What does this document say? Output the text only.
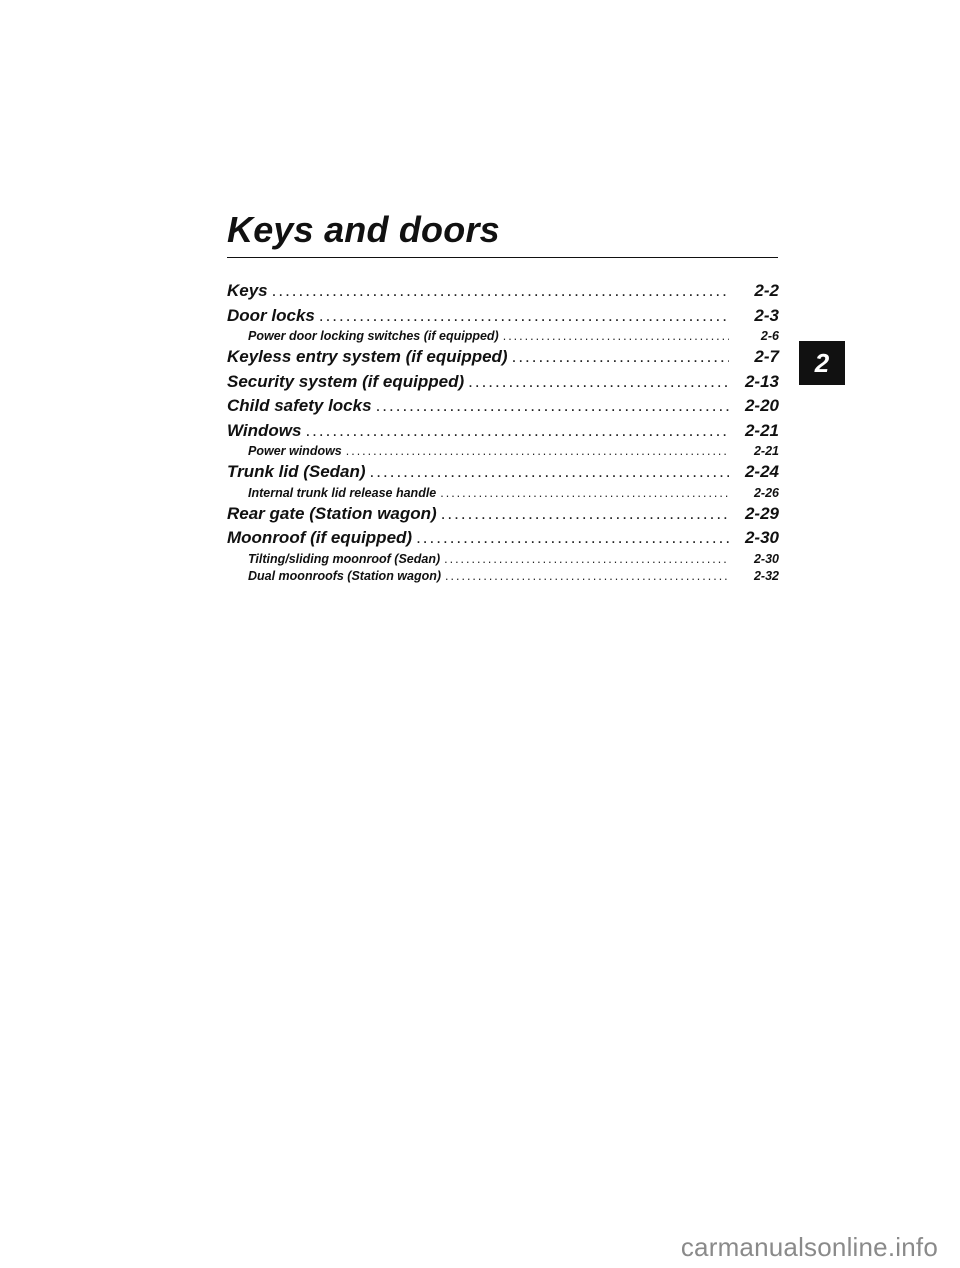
Keys and doors
Keys .....	2-2
Door locks .....	2-3
Power door locking switches (if equipped) .....	2-6
Keyless entry system (if equipped) .....	2-7
Security system (if equipped) .....	2-13
Child safety locks .....	2-20
Windows .....	2-21
Power windows .....	2-21
Trunk lid (Sedan) .....	2-24
Internal trunk lid release handle .....	2-26
Rear gate (Station wagon) .....	2-29
Moonroof (if equipped) .....	2-30
Tilting/sliding moonroof (Sedan) .....	2-30
Dual moonroofs (Station wagon) .....	2-32
2
carmanualsonline.info
